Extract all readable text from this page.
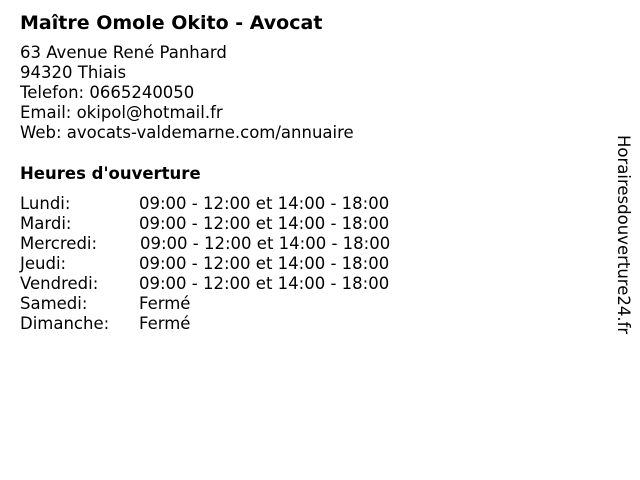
Maître Omole Okito - Avocat
63 Avenue René Panhard
94320 Thiais
Telefon: 0665240050
Email: okipol@hotmail.fr
Web: avocats-valdemarne.com/annuaire
Heures d'ouverture
Lundi:	09:00 - 12:00 et 14:00 - 18:00
Mardi:	09:00 - 12:00 et 14:00 - 18:00
Mercredi:	09:00 - 12:00 et 14:00 - 18:00
Jeudi:	09:00 - 12:00 et 14:00 - 18:00
Vendredi: 09:00 - 12:00 et 14:00 - 18:00
Samedi:	Fermé
Dimanche: Fermé	Horairesdouverture24.fr
